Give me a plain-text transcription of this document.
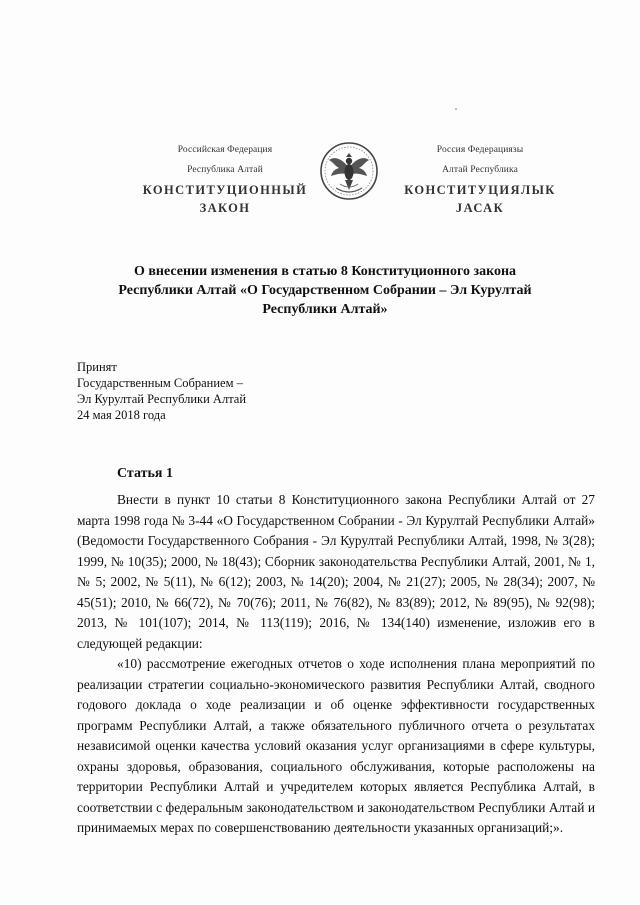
Российская Федерация
Республика Алтай
КОНСТИТУЦИОННЫЙ
ЗАКОН
Россия Федерациязы
Алтай Республика
КОНСТИТУЦИЯЛЫК
JАСАК
О внесении изменения в статью 8 Конституционного закона
Республики Алтай «О Государственном Собрании – Эл Курултай
Республики Алтай»
Принят
Государственным Собранием –
Эл Курултай Республики Алтай
24 мая 2018 года
Статья 1

Внести в пункт 10 статьи 8 Конституционного закона Республики Алтай от 27 марта 1998 года № 3-44 «О Государственном Собрании - Эл Курултай Республики Алтай» (Ведомости Государственного Собрания - Эл Курултай Республики Алтай, 1998, № 3(28); 1999, № 10(35); 2000, № 18(43); Сборник законодательства Республики Алтай, 2001, № 1, № 5; 2002, № 5(11), № 6(12); 2003, № 14(20); 2004, № 21(27); 2005, № 28(34); 2007, № 45(51); 2010, № 66(72), № 70(76); 2011, № 76(82), № 83(89); 2012, № 89(95), № 92(98); 2013, № 101(107); 2014, № 113(119); 2016, № 134(140) изменение, изложив его в следующей редакции:

«10) рассмотрение ежегодных отчетов о ходе исполнения плана мероприятий по реализации стратегии социально-экономического развития Республики Алтай, сводного годового доклада о ходе реализации и об оценке эффективности государственных программ Республики Алтай, а также обязательного публичного отчета о результатах независимой оценки качества условий оказания услуг организациями в сфере культуры, охраны здоровья, образования, социального обслуживания, которые расположены на территории Республики Алтай и учредителем которых является Республика Алтай, в соответствии с федеральным законодательством и законодательством Республики Алтай и принимаемых мерах по совершенствованию деятельности указанных организаций;».
